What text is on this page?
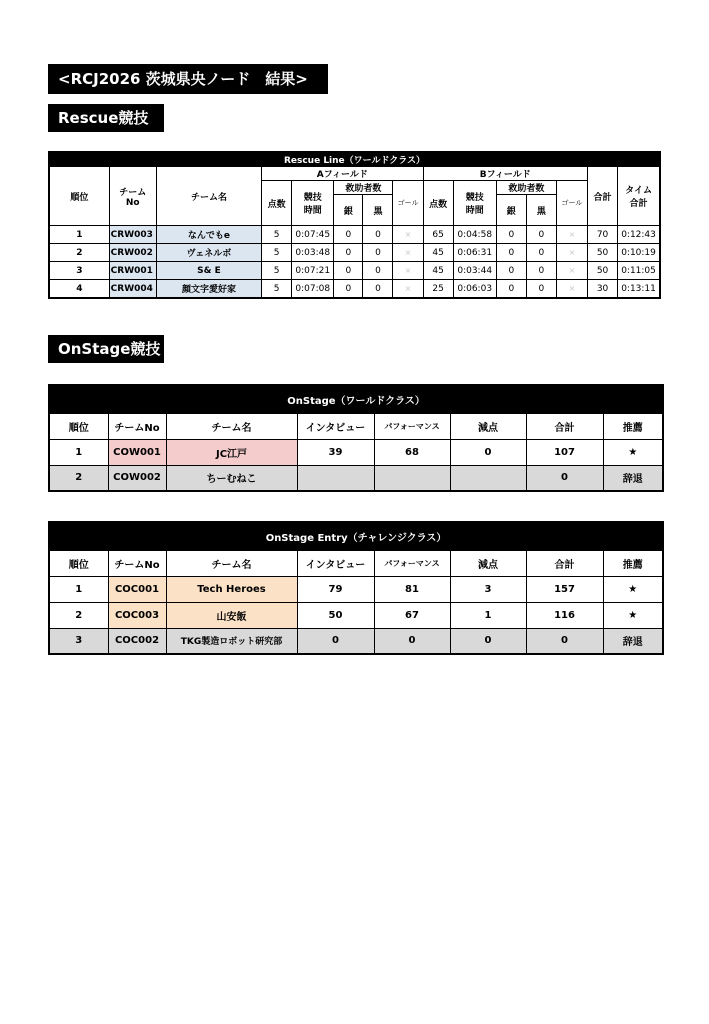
<RCJ2026 茨城県央ノード　結果>
Rescue競技
Rescue Line（ワールドクラス）														
順位	チーム
No	チーム名	Aフィールド					Bフィールド					合計	タイム
合計
			点数	競技
時間	救助者数		ゴール	点数	競技
時間	救助者数		ゴール		
					銀	黒				銀	黒			
1	CRW003	なんでもe	5	0:07:45	0	0	×	65	0:04:58	0	0	×	70	0:12:43
2	CRW002	ヴェネルボ	5	0:03:48	0	0	×	45	0:06:31	0	0	×	50	0:10:19
3	CRW001	S& E	5	0:07:21	0	0	×	45	0:03:44	0	0	×	50	0:11:05
4	CRW004	顔文字愛好家	5	0:07:08	0	0	×	25	0:06:03	0	0	×	30	0:13:11
OnStage競技
OnStage（ワールドクラス）							
順位	チームNo	チーム名	インタビュー	パフォーマンス	減点	合計	推薦
1	COW001	JC江戸	39	68	0	107	★
2	COW002	ちーむねこ				0	辞退
OnStage Entry（チャレンジクラス）							
順位	チームNo	チーム名	インタビュー	パフォーマンス	減点	合計	推薦
1	COC001	Tech Heroes	79	81	3	157	★
2	COC003	山安飯	50	67	1	116	★
3	COC002	TKG製造ロボット研究部	0	0	0	0	辞退
